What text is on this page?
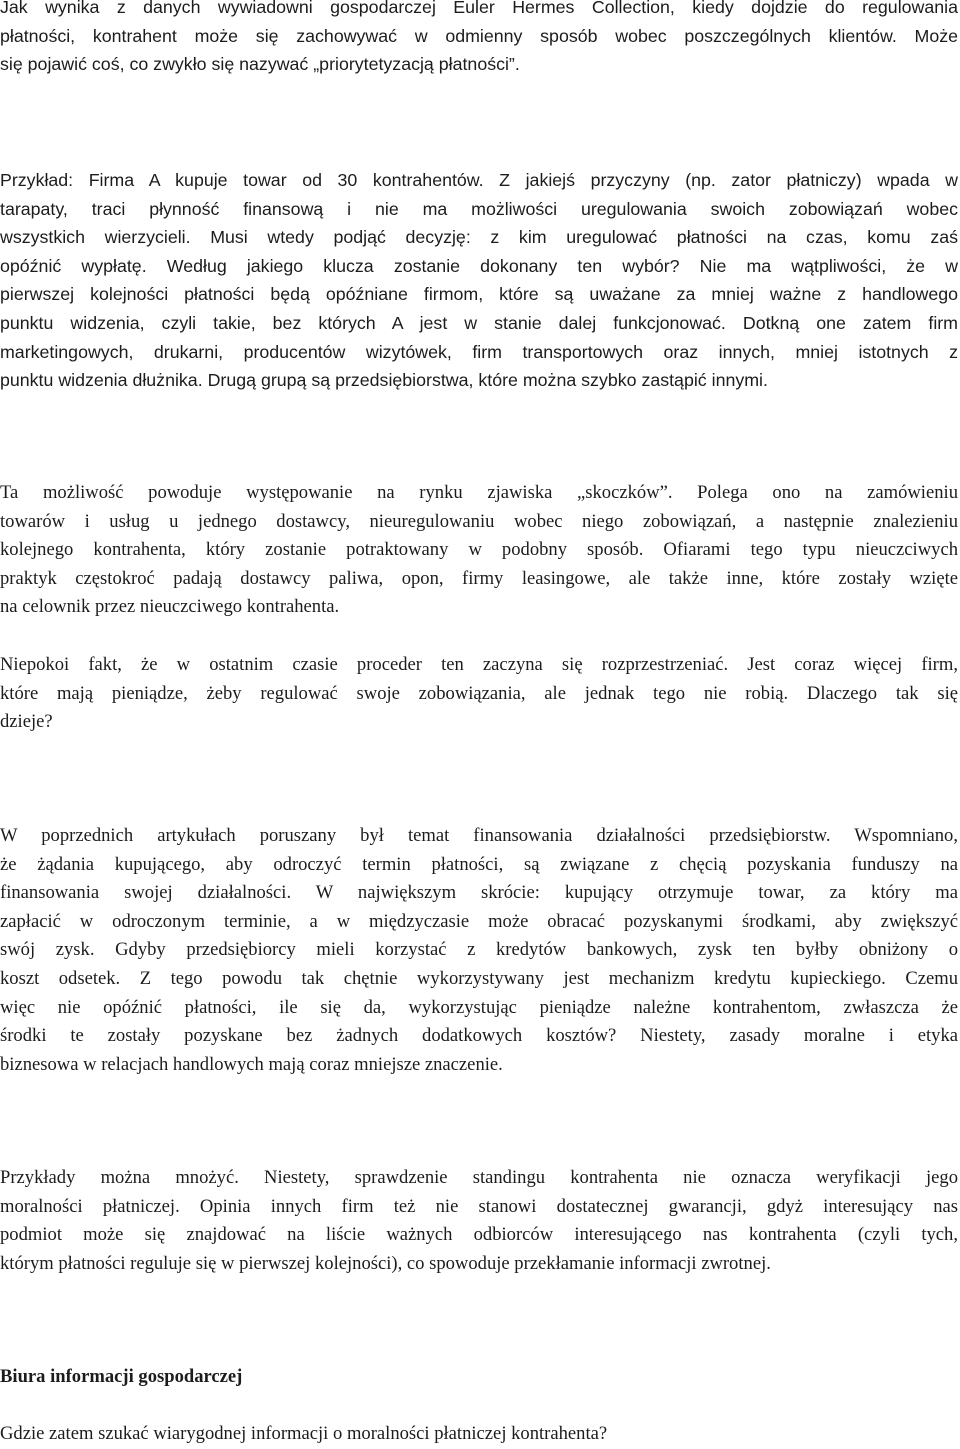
Jak wynika z danych wywiadowni gospodarczej Euler Hermes Collection, kiedy dojdzie do regulowania
płatności, kontrahent może się zachowywać w odmienny sposób wobec poszczególnych klientów. Może
się pojawić coś, co zwykło się nazywać „priorytetyzacją płatności”.
Przykład: Firma A kupuje towar od 30 kontrahentów. Z jakiejś przyczyny (np. zator płatniczy) wpada w
tarapaty, traci płynność finansową i nie ma możliwości uregulowania swoich zobowiązań wobec
wszystkich wierzycieli. Musi wtedy podjąć decyzję: z kim uregulować płatności na czas, komu zaś
opóźnić wypłatę. Według jakiego klucza zostanie dokonany ten wybór? Nie ma wątpliwości, że w
pierwszej kolejności płatności będą opóźniane firmom, które są uważane za mniej ważne z handlowego
punktu widzenia, czyli takie, bez których A jest w stanie dalej funkcjonować. Dotkną one zatem firm
marketingowych, drukarni, producentów wizytówek, firm transportowych oraz innych, mniej istotnych z
punktu widzenia dłużnika. Drugą grupą są przedsiębiorstwa, które można szybko zastąpić innymi.
Ta możliwość powoduje występowanie na rynku zjawiska „skoczków”. Polega ono na zamówieniu
towarów i usług u jednego dostawcy, nieuregulowaniu wobec niego zobowiązań, a następnie znalezieniu
kolejnego kontrahenta, który zostanie potraktowany w podobny sposób. Ofiarami tego typu nieuczciwych
praktyk częstokroć padają dostawcy paliwa, opon, firmy leasingowe, ale także inne, które zostały wzięte
na celownik przez nieuczciwego kontrahenta.
Niepokoi fakt, że w ostatnim czasie proceder ten zaczyna się rozprzestrzeniać. Jest coraz więcej firm,
które mają pieniądze, żeby regulować swoje zobowiązania, ale jednak tego nie robią. Dlaczego tak się
dzieje?
W poprzednich artykułach poruszany był temat finansowania działalności przedsiębiorstw. Wspomniano,
że żądania kupującego, aby odroczyć termin płatności, są związane z chęcią pozyskania funduszy na
finansowania swojej działalności. W największym skrócie: kupujący otrzymuje towar, za który ma
zapłacić w odroczonym terminie, a w międzyczasie może obracać pozyskanymi środkami, aby zwiększyć
swój zysk. Gdyby przedsiębiorcy mieli korzystać z kredytów bankowych, zysk ten byłby obniżony o
koszt odsetek. Z tego powodu tak chętnie wykorzystywany jest mechanizm kredytu kupieckiego. Czemu
więc nie opóźnić płatności, ile się da, wykorzystując pieniądze należne kontrahentom, zwłaszcza że
środki te zostały pozyskane bez żadnych dodatkowych kosztów? Niestety, zasady moralne i etyka
biznesowa w relacjach handlowych mają coraz mniejsze znaczenie.
Przykłady można mnożyć. Niestety, sprawdzenie standingu kontrahenta nie oznacza weryfikacji jego
moralności płatniczej. Opinia innych firm też nie stanowi dostatecznej gwarancji, gdyż interesujący nas
podmiot może się znajdować na liście ważnych odbiorców interesującego nas kontrahenta (czyli tych,
którym płatności reguluje się w pierwszej kolejności), co spowoduje przekłamanie informacji zwrotnej.
Biura informacji gospodarczej

Gdzie zatem szukać wiarygodnej informacji o moralności płatniczej kontrahenta?
